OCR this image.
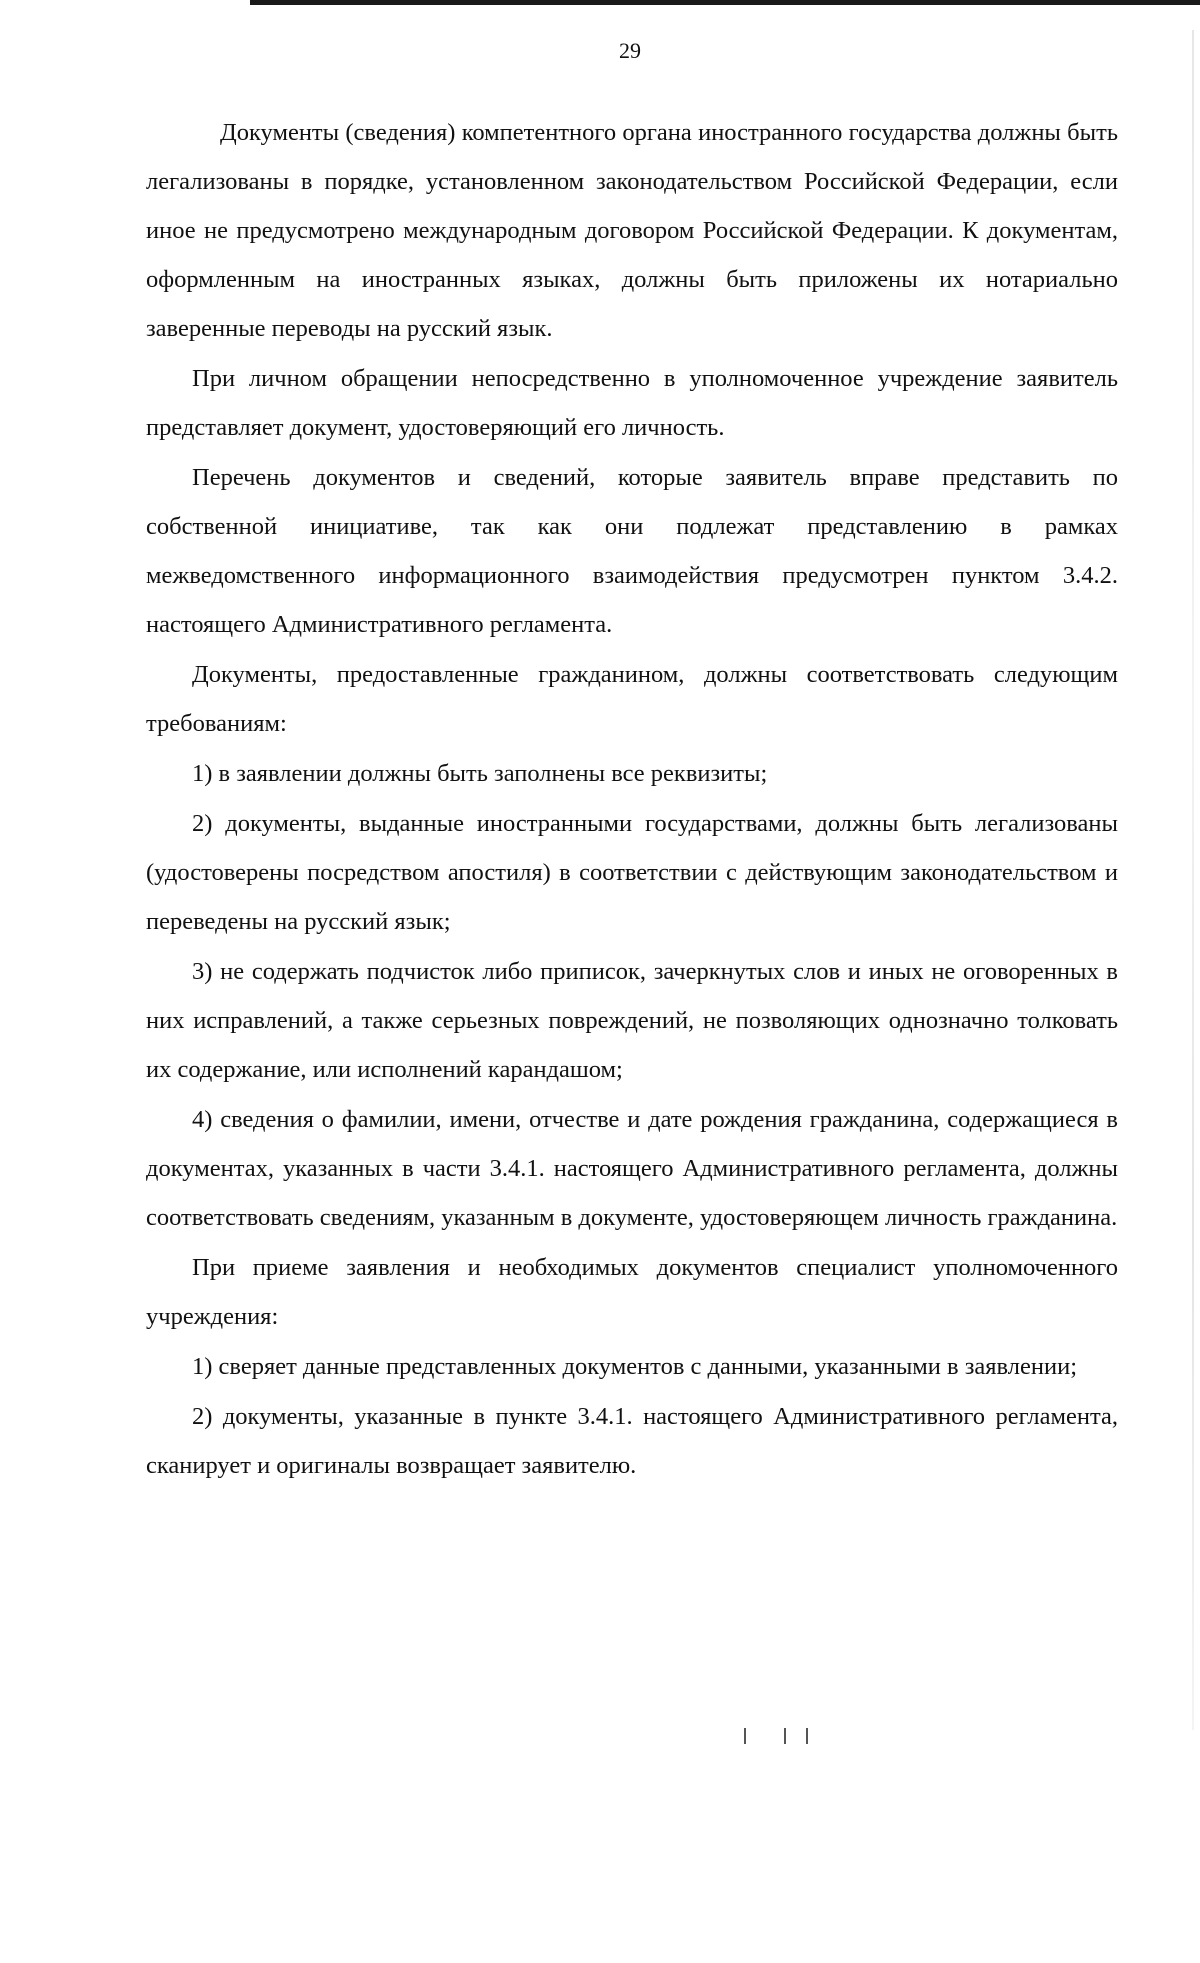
29

Документы (сведения) компетентного органа иностранного государства должны быть легализованы в порядке, установленном законодательством Российской Федерации, если иное не предусмотрено международным договором Российской Федерации. К документам, оформленным на иностранных языках, должны быть приложены их нотариально заверенные переводы на русский язык.

При личном обращении непосредственно в уполномоченное учреждение заявитель представляет документ, удостоверяющий его личность.

Перечень документов и сведений, которые заявитель вправе представить по собственной инициативе, так как они подлежат представлению в рамках межведомственного информационного взаимодействия предусмотрен пунктом 3.4.2. настоящего Административного регламента.

Документы, предоставленные гражданином, должны соответствовать следующим требованиям:

1) в заявлении должны быть заполнены все реквизиты;

2) документы, выданные иностранными государствами, должны быть легализованы (удостоверены посредством апостиля) в соответствии с действующим законодательством и переведены на русский язык;

3) не содержать подчисток либо приписок, зачеркнутых слов и иных не оговоренных в них исправлений, а также серьезных повреждений, не позволяющих однозначно толковать их содержание, или исполнений карандашом;

4) сведения о фамилии, имени, отчестве и дате рождения гражданина, содержащиеся в документах, указанных в части 3.4.1. настоящего Административного регламента, должны соответствовать сведениям, указанным в документе, удостоверяющем личность гражданина.

При приеме заявления и необходимых документов специалист уполномоченного учреждения:

1) сверяет данные представленных документов с данными, указанными в заявлении;

2) документы, указанные в пункте 3.4.1. настоящего Административного регламента, сканирует и оригиналы возвращает заявителю.
